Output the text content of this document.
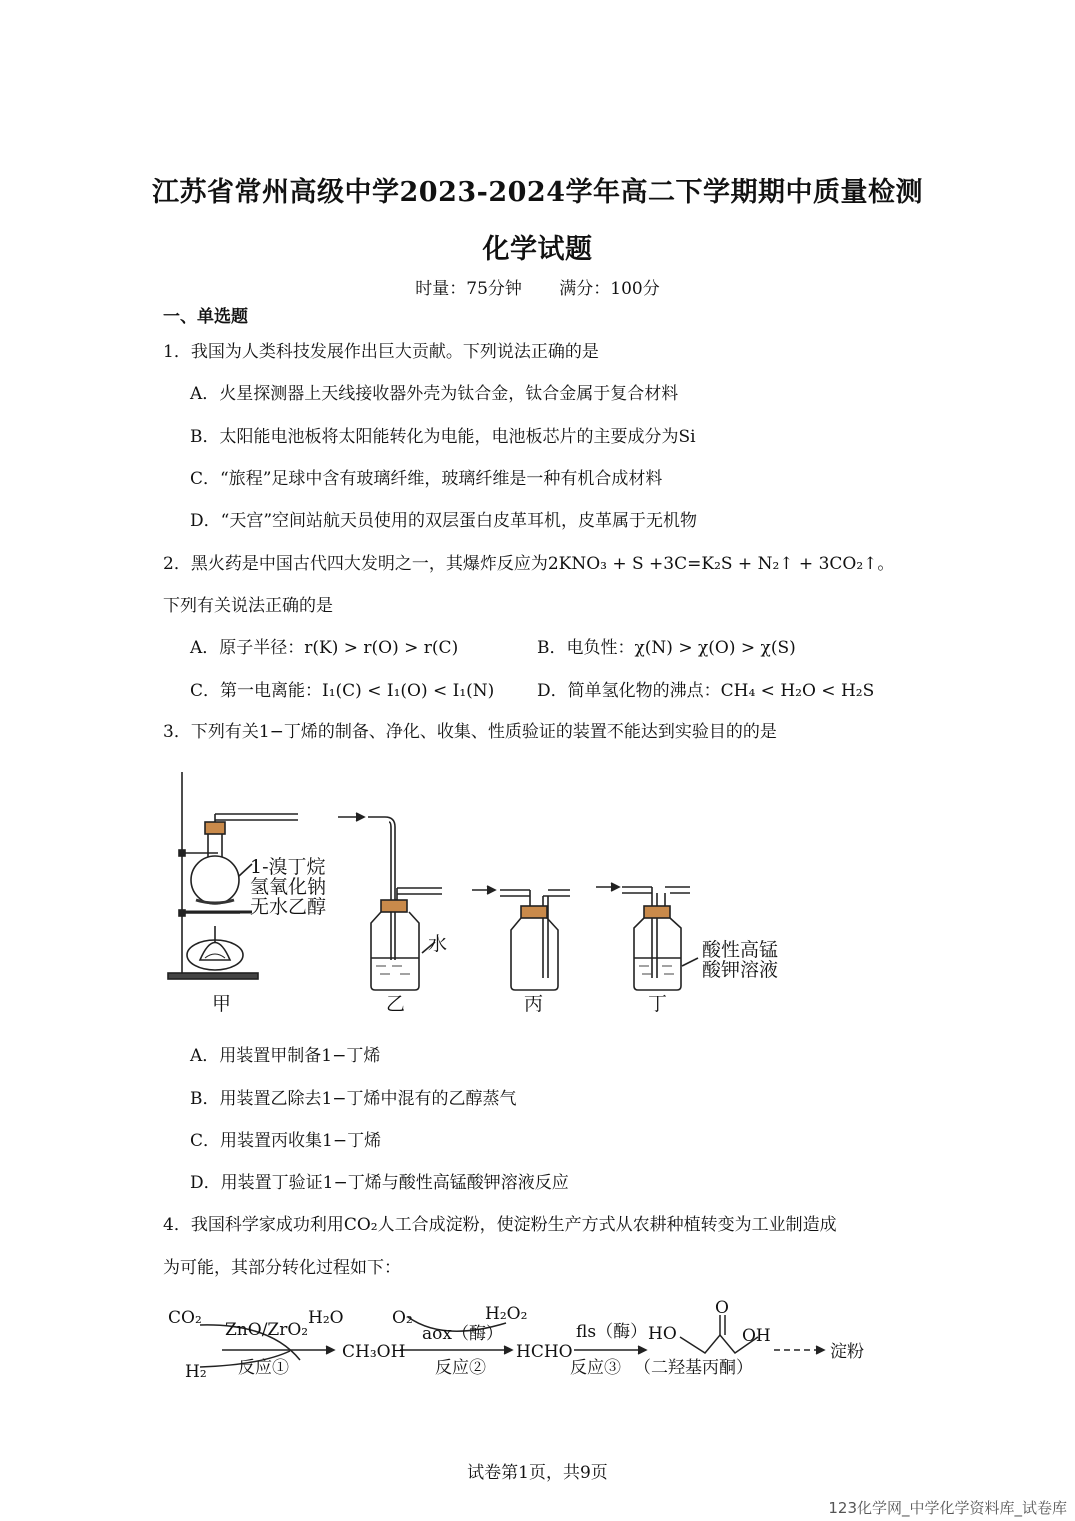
江苏省常州高级中学2023-2024学年高二下学期期中质量检测
化学试题
时量：75分钟 满分：100分
一、单选题
1．我国为人类科技发展作出巨大贡献。下列说法正确的是
A．火星探测器上天线接收器外壳为钛合金，钛合金属于复合材料
B．太阳能电池板将太阳能转化为电能，电池板芯片的主要成分为Si
C．“旅程”足球中含有玻璃纤维，玻璃纤维是一种有机合成材料
D．“天宫”空间站航天员使用的双层蛋白皮革耳机，皮革属于无机物
2．黑火药是中国古代四大发明之一，其爆炸反应为2KNO₃ + S +3C=K₂S + N₂↑ + 3CO₂↑。
下列有关说法正确的是
A．原子半径：r(K) > r(O) > r(C)	B．电负性：χ(N) > χ(O) > χ(S)
C．第一电离能：I₁(C) < I₁(O) < I₁(N)	D．简单氢化物的沸点：CH₄ < H₂O < H₂S
3．下列有关1−丁烯的制备、净化、收集、性质验证的装置不能达到实验目的的是
1-溴丁烷
氢氧化钠
无水乙醇
水	酸性高锰
酸钾溶液
甲	乙	丙	丁
A．用装置甲制备1−丁烯
B．用装置乙除去1−丁烯中混有的乙醇蒸气
C．用装置丙收集1−丁烯
D．用装置丁验证1−丁烯与酸性高锰酸钾溶液反应
4．我国科学家成功利用CO₂人工合成淀粉，使淀粉生产方式从农耕种植转变为工业制造成
为可能，其部分转化过程如下：
CO₂
H₂
ZnO/ZrO₂
H₂O
反应①
CH₃OH
O₂
aox（酶）
H₂O₂
反应②
HCHO
fls（酶）
反应③
HO
O
OH
（二羟基丙酮）
淀粉
试卷第1页，共9页
123化学网_中学化学资料库_试卷库
